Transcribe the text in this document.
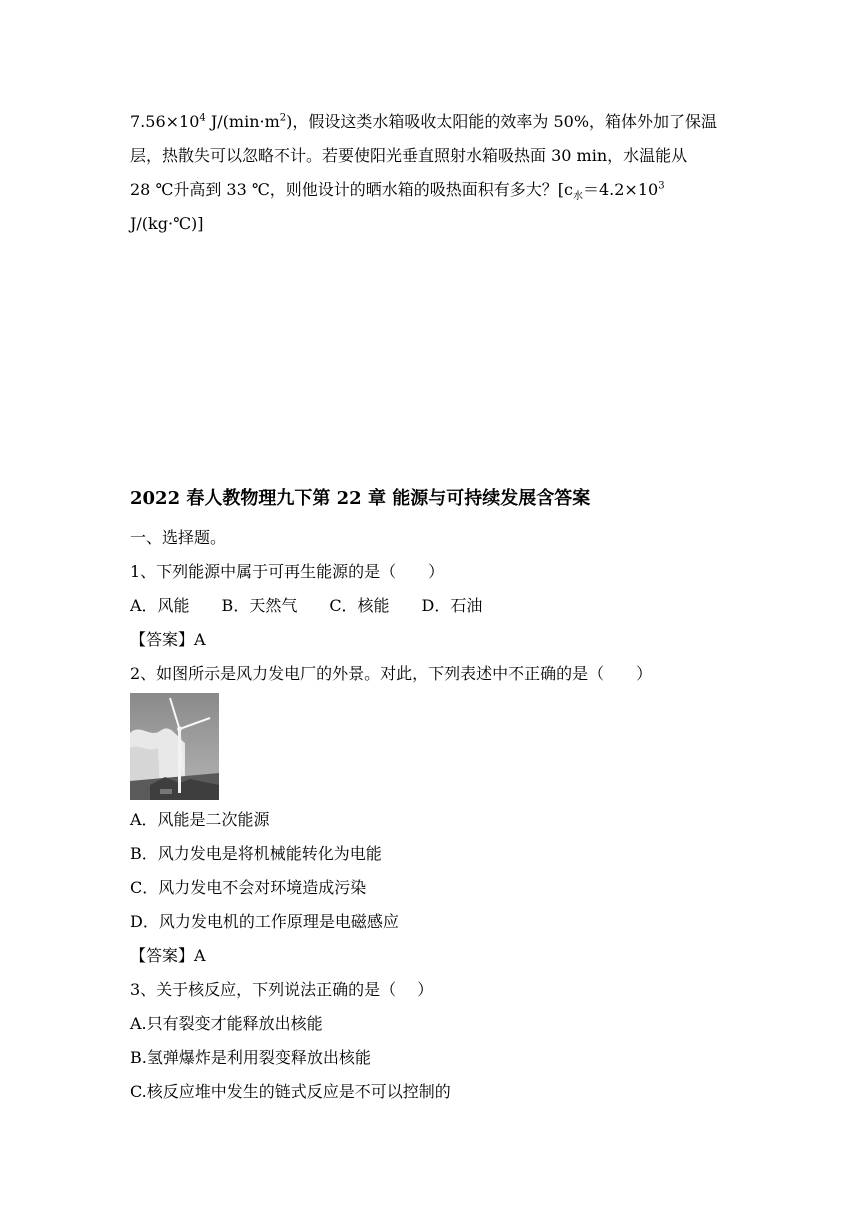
$7.56\times 10^4$ $J/(\min\cdot m^2)$，假设这类水箱吸收太阳能的效率为 50%，箱体外加了保温
层，热散失可以忽略不计。若要使阳光垂直照射水箱吸热面 30 min，水温能从
28 ℃升高到 33 ℃，则他设计的晒水箱的吸热面积有多大？[$c_水=4.2\times 10^3$
J/(kg·℃)]
2022 春人教物理九下第 22 章 能源与可持续发展含答案
一、选择题。
1、下列能源中属于可再生能源的是（　　）
A．风能　　B．天然气　　C．核能　　D．石油
【答案】A
2、如图所示是风力发电厂的外景。对此，下列表述中不正确的是（　　）
A．风能是二次能源
B．风力发电是将机械能转化为电能
C．风力发电不会对环境造成污染
D．风力发电机的工作原理是电磁感应
【答案】A
3、关于核反应，下列说法正确的是（　 ）
A.只有裂变才能释放出核能
B.氢弹爆炸是利用裂变释放出核能
C.核反应堆中发生的链式反应是不可以控制的
